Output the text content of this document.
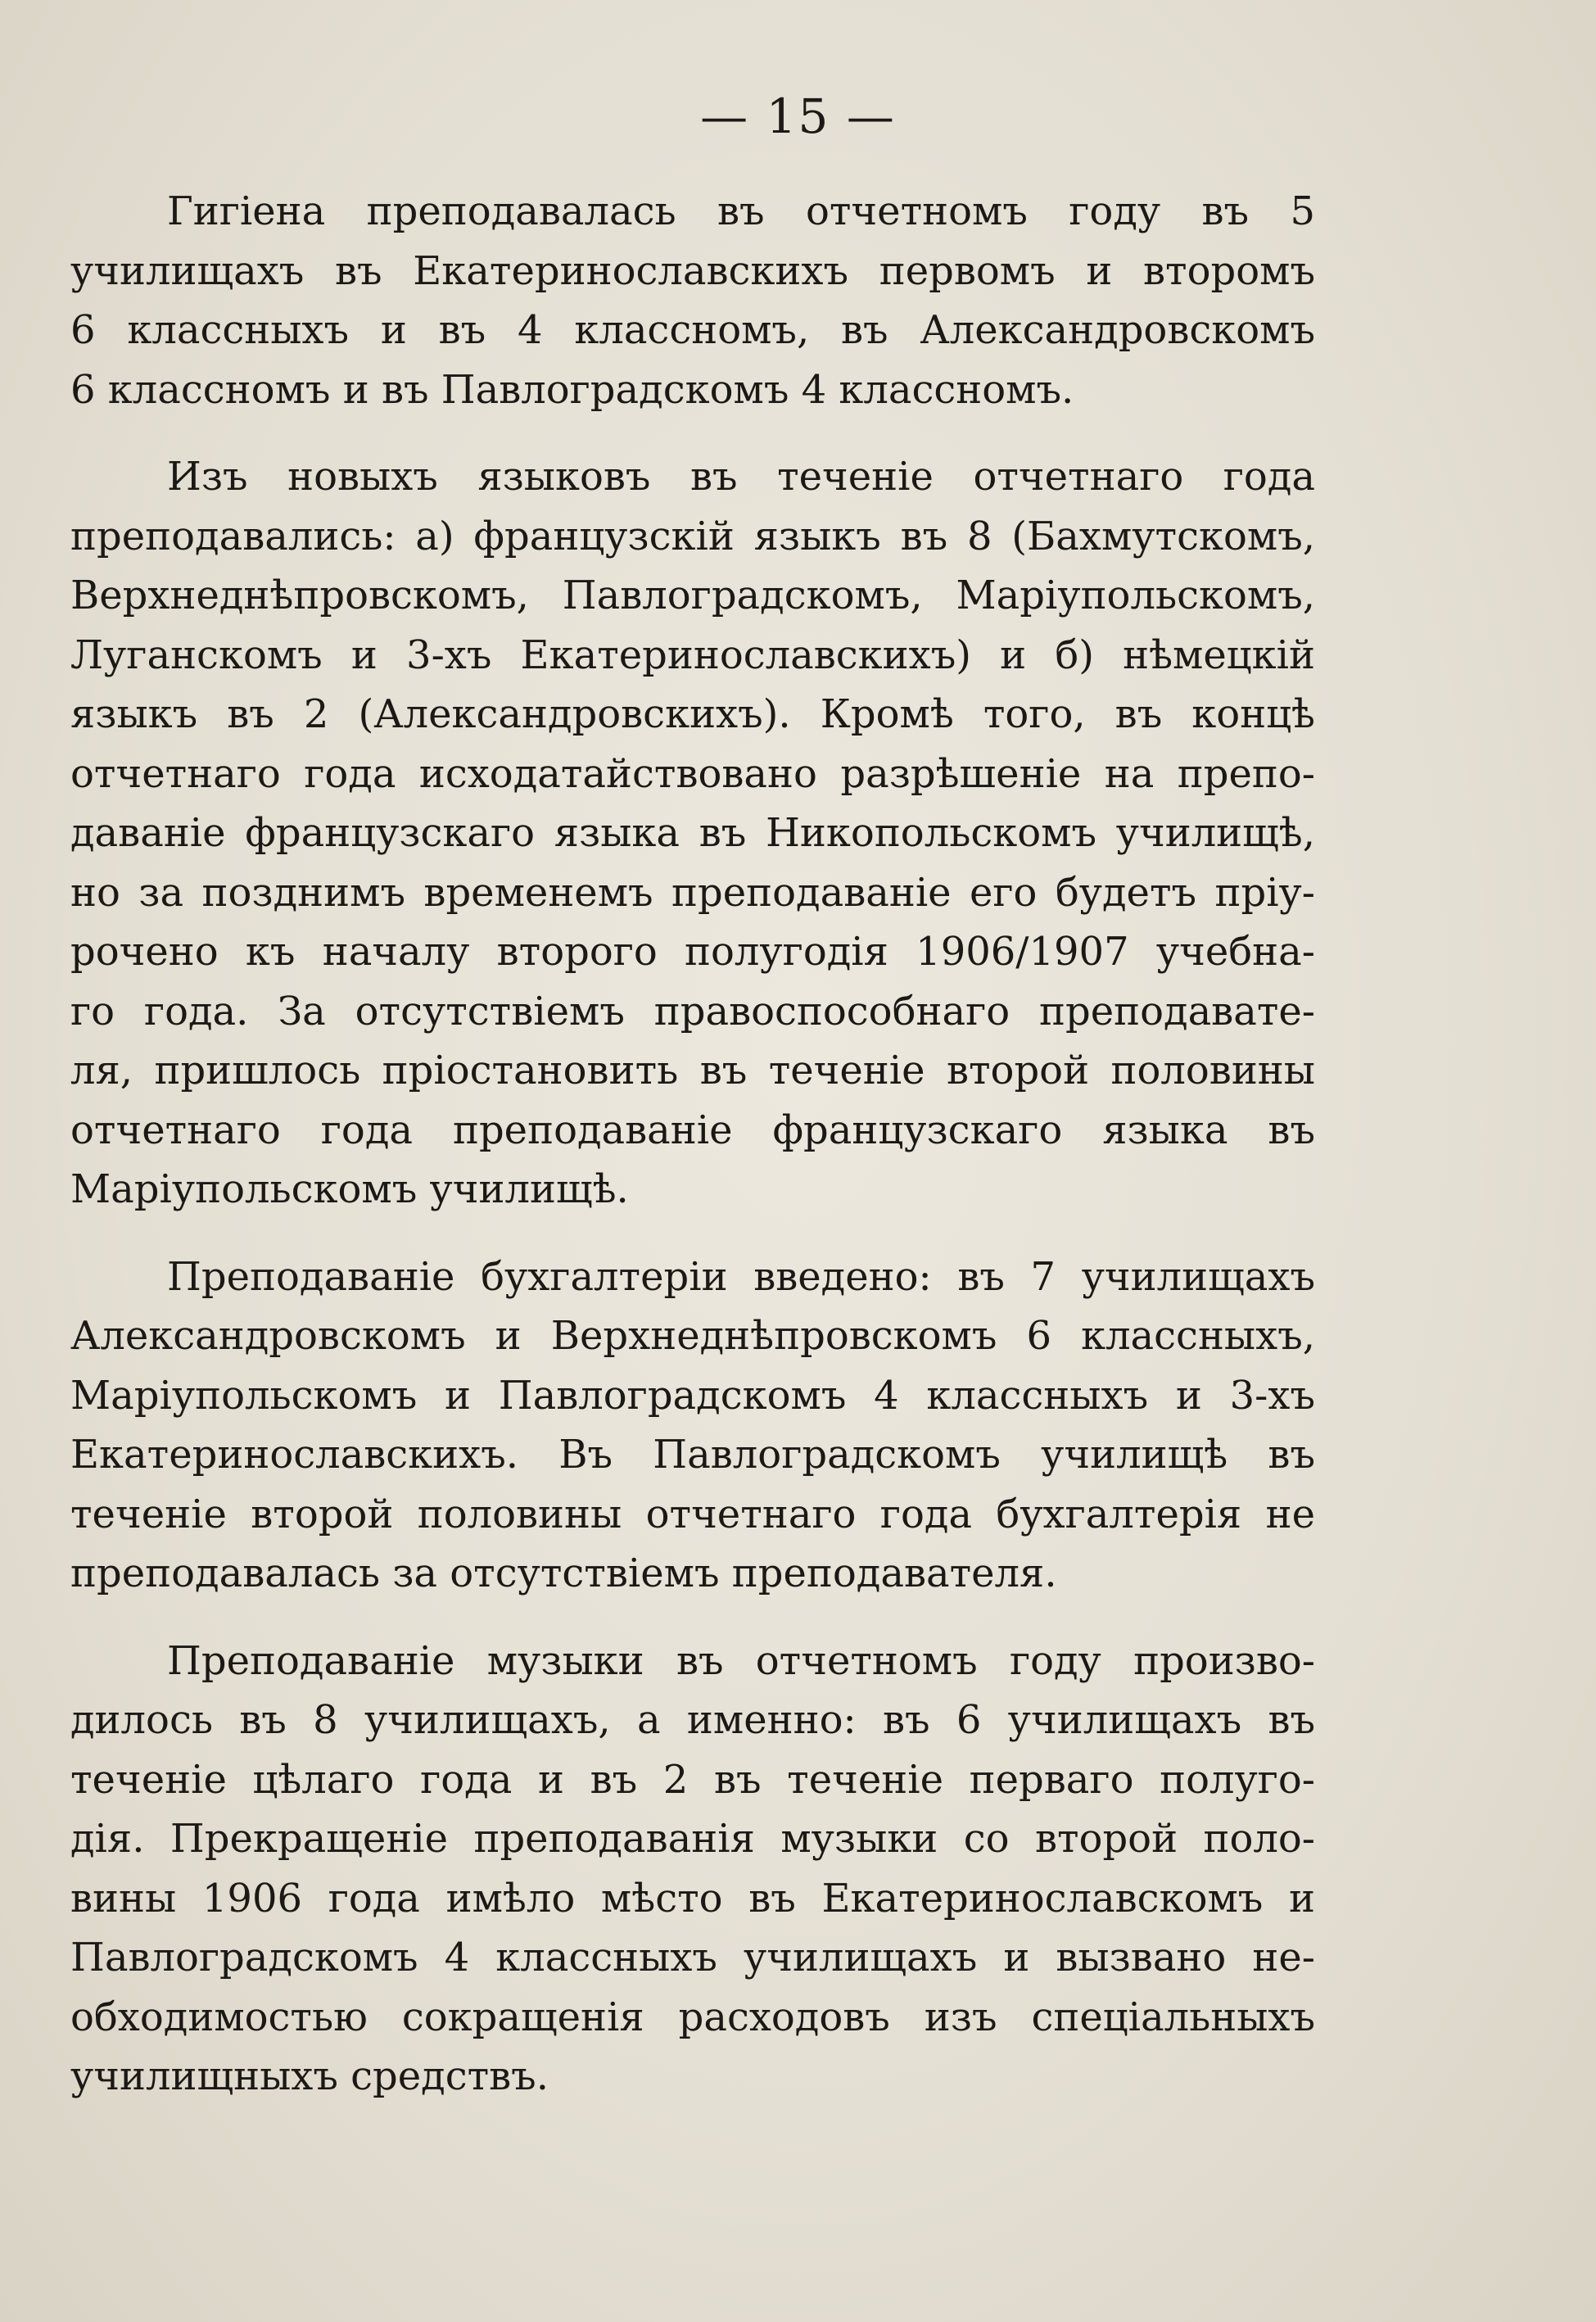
— 15 —
Гигіена преподавалась въ отчетномъ году въ 5
училищахъ въ Екатеринославскихъ первомъ и второмъ
6 классныхъ и въ 4 классномъ, въ Александровскомъ
6 классномъ и въ Павлоградскомъ 4 классномъ.
Изъ новыхъ языковъ въ теченіе отчетнаго года
преподавались: а) французскій языкъ въ 8 (Бахмутскомъ,
Верхнеднѣпровскомъ, Павлоградскомъ, Маріупольскомъ,
Луганскомъ и 3-хъ Екатеринославскихъ) и б) нѣмецкій
языкъ въ 2 (Александровскихъ). Кромѣ того, въ концѣ
отчетнаго года исходатайствовано разрѣшеніе на препо-
даваніе французскаго языка въ Никопольскомъ училищѣ,
но за позднимъ временемъ преподаваніе его будетъ пріу-
рочено къ началу второго полугодія 1906/1907 учебна-
го года. За отсутствіемъ правоспособнаго преподавате-
ля, пришлось пріостановить въ теченіе второй половины
отчетнаго года преподаваніе французскаго языка въ
Маріупольскомъ училищѣ.
Преподаваніе бухгалтеріи введено: въ 7 училищахъ
Александровскомъ и Верхнеднѣпровскомъ 6 классныхъ,
Маріупольскомъ и Павлоградскомъ 4 классныхъ и 3-хъ
Екатеринославскихъ. Въ Павлоградскомъ училищѣ въ
теченіе второй половины отчетнаго года бухгалтерія не
преподавалась за отсутствіемъ преподавателя.
Преподаваніе музыки въ отчетномъ году произво-
дилось въ 8 училищахъ, а именно: въ 6 училищахъ въ
теченіе цѣлаго года и въ 2 въ теченіе перваго полуго-
дія. Прекращеніе преподаванія музыки со второй поло-
вины 1906 года имѣло мѣсто въ Екатеринославскомъ и
Павлоградскомъ 4 классныхъ училищахъ и вызвано не-
обходимостью сокращенія расходовъ изъ спеціальныхъ
училищныхъ средствъ.
